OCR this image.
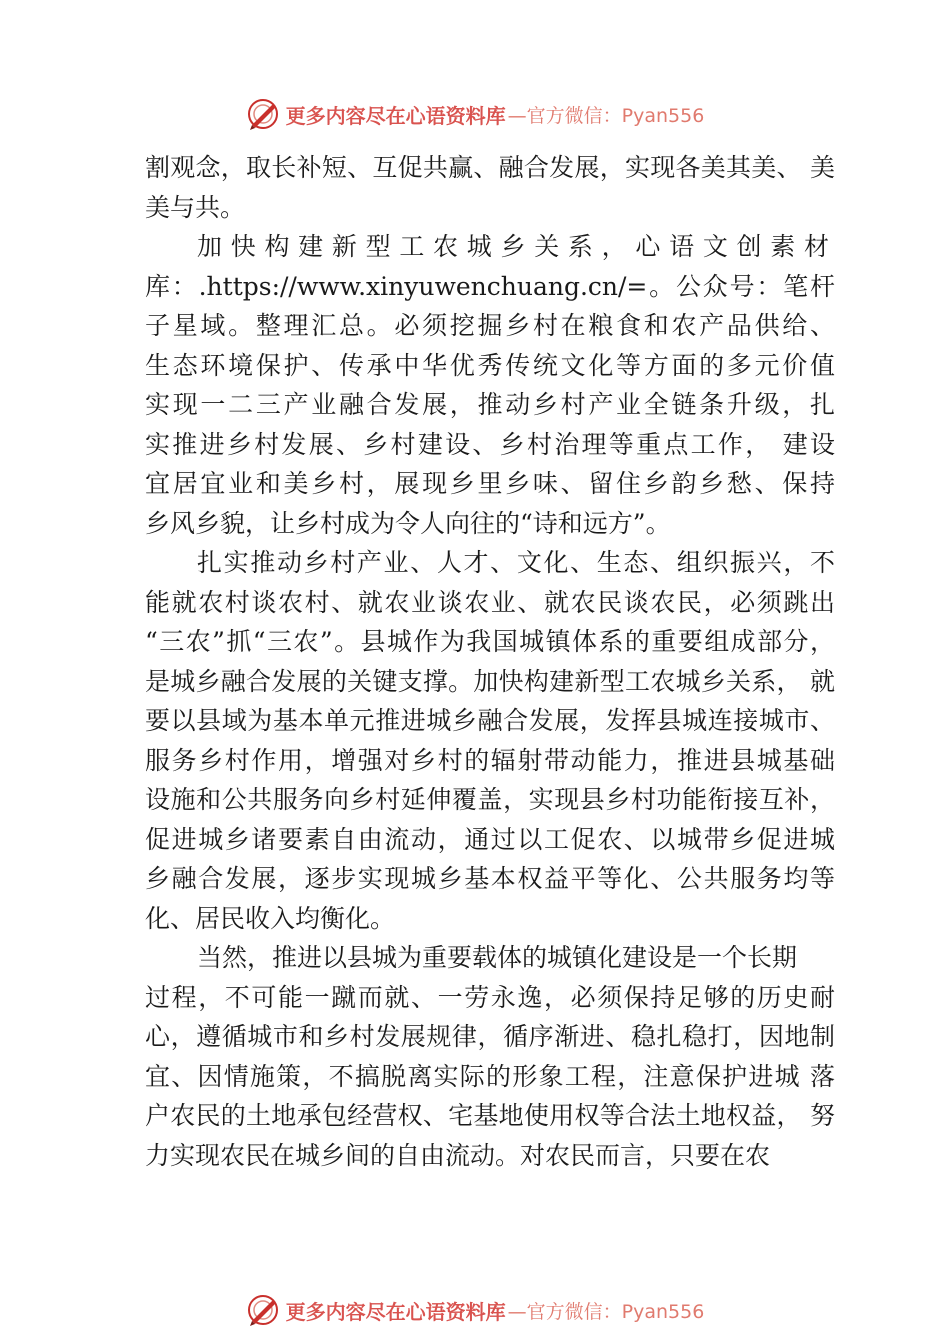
更多内容尽在心语资料库 —官方微信：Pyan556
割观念，取长补短、互促共赢、融合发展，实现各美其美、 美
美与共。
加快构建新型工农城乡关系，心语文创素材
库：.https://www.xinyuwenchuang.cn/=。公众号：笔杆
子星域。整理汇总。必须挖掘乡村在粮食和农产品供给、
生态环境保护、传承中华优秀传统文化等方面的多元价值
实现一二三产业融合发展，推动乡村产业全链条升级，扎
实推进乡村发展、乡村建设、乡村治理等重点工作， 建设
宜居宜业和美乡村，展现乡里乡味、留住乡韵乡愁、保持
乡风乡貌，让乡村成为令人向往的“诗和远方”。
扎实推动乡村产业、人才、文化、生态、组织振兴，不
能就农村谈农村、就农业谈农业、就农民谈农民，必须跳出
“三农”抓“三农”。县城作为我国城镇体系的重要组成部分，
是城乡融合发展的关键支撑。加快构建新型工农城乡关系， 就
要以县域为基本单元推进城乡融合发展，发挥县城连接城市、
服务乡村作用，增强对乡村的辐射带动能力，推进县城基础
设施和公共服务向乡村延伸覆盖，实现县乡村功能衔接互补，
促进城乡诸要素自由流动，通过以工促农、以城带乡促进城
乡融合发展，逐步实现城乡基本权益平等化、公共服务均等
化、居民收入均衡化。
当然，推进以县城为重要载体的城镇化建设是一个长期
过程，不可能一蹴而就、一劳永逸，必须保持足够的历史耐
心，遵循城市和乡村发展规律，循序渐进、稳扎稳打，因地制
宜、因情施策，不搞脱离实际的形象工程，注意保护进城 落
户农民的土地承包经营权、宅基地使用权等合法土地权益， 努
力实现农民在城乡间的自由流动。对农民而言，只要在农
更多内容尽在心语资料库 —官方微信：Pyan556
